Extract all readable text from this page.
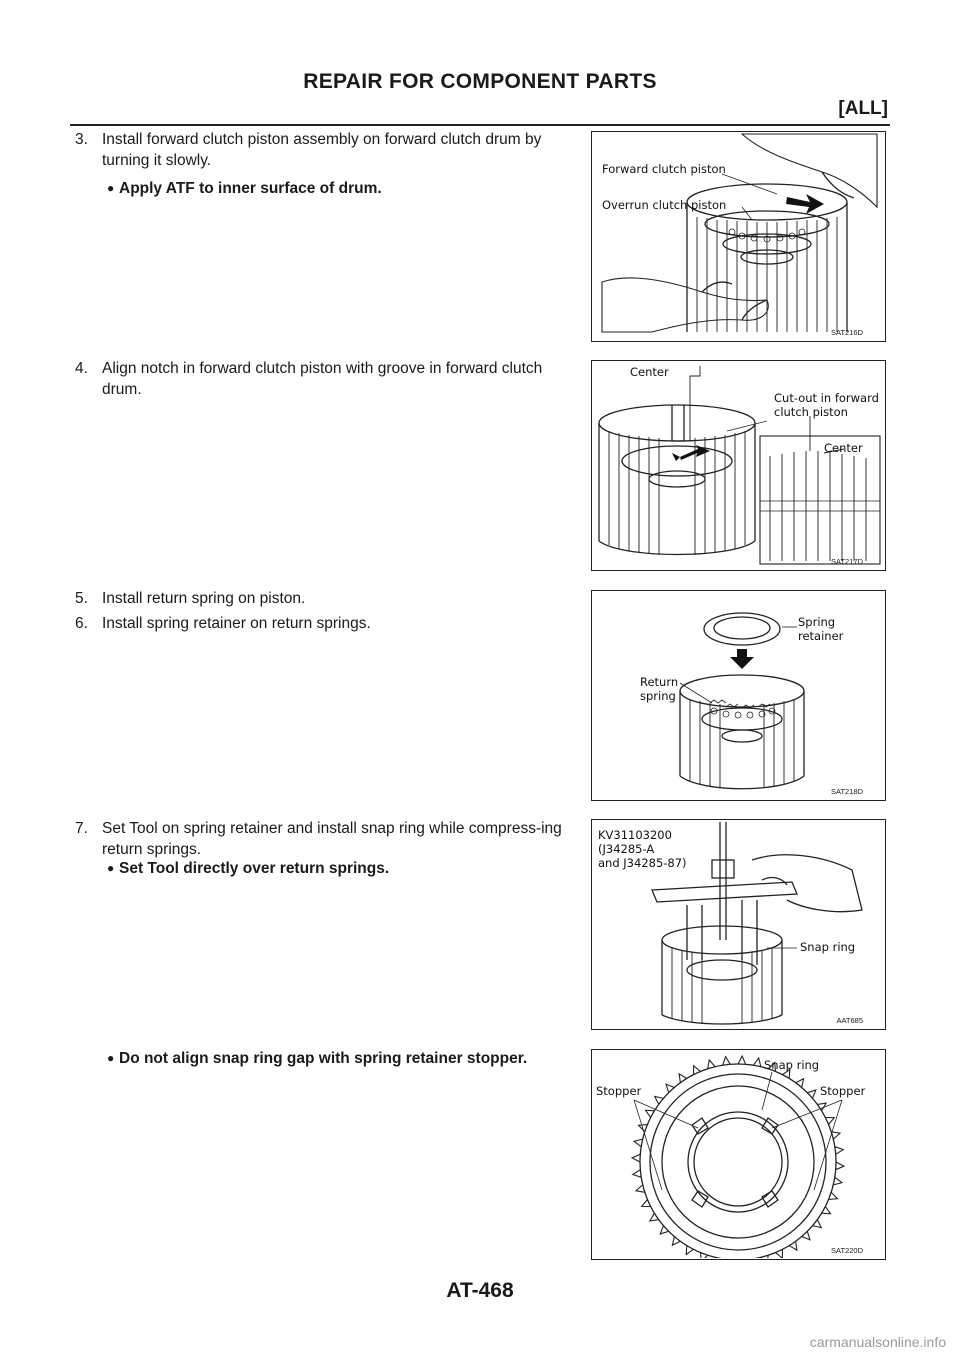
REPAIR FOR COMPONENT PARTS
[ALL]
3. Install forward clutch piston assembly on forward clutch drum by turning it slowly.
● Apply ATF to inner surface of drum.
4. Align notch in forward clutch piston with groove in forward clutch drum.
5. Install return spring on piston.
6. Install spring retainer on return springs.
7. Set Tool on spring retainer and install snap ring while compress-ing return springs.
● Set Tool directly over return springs.
● Do not align snap ring gap with spring retainer stopper.
Forward clutch piston
Overrun clutch piston
SAT216D
Center
Cut-out in forward
clutch piston
Center
SAT217D
Spring
retainer
Return
spring
SAT218D
KV31103200
(J34285-A
and J34285-87)
Snap ring
AAT685
Snap ring
Stopper	Stopper
SAT220D
AT-468
carmanualsonline.info
